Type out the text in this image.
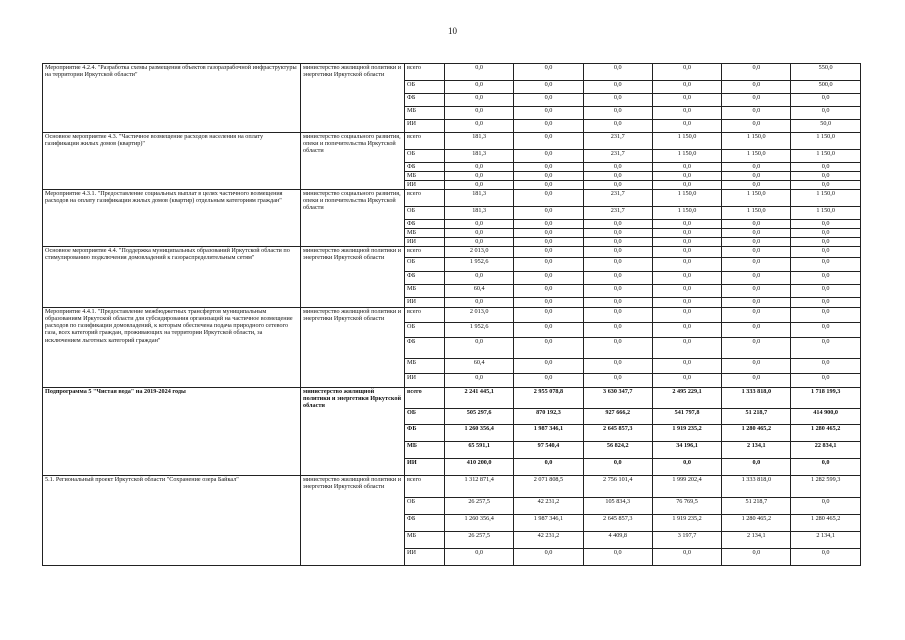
10
Мероприятие 4.2.4. "Разработка схемы размещения объектов газоразрабочной инфраструктуры на территории Иркутской области"	министерство жилищной политики и энергетики Иркутской области	всего	0,0	0,0	0,0	0,0	0,0	550,0
		ОБ	0,0	0,0	0,0	0,0	0,0	500,0
		ФБ	0,0	0,0	0,0	0,0	0,0	0,0
		МБ	0,0	0,0	0,0	0,0	0,0	0,0
		ИИ	0,0	0,0	0,0	0,0	0,0	50,0
Основное мероприятие 4.3. "Частичное возмещение расходов населения на оплату газификации жилых домов (квартир)"	министерство социального развития, опеки и попечительства Иркутской области	всего	181,3	0,0	231,7	1 150,0	1 150,0	1 150,0
		ОБ	181,3	0,0	231,7	1 150,0	1 150,0	1 150,0
		ФБ	0,0	0,0	0,0	0,0	0,0	0,0
		МБ	0,0	0,0	0,0	0,0	0,0	0,0
		ИИ	0,0	0,0	0,0	0,0	0,0	0,0
Мероприятие 4.3.1. "Предоставление социальных выплат в целях частичного возмещения расходов на оплату газификации жилых домов (квартир) отдельным категориям граждан"	министерство социального развития, опеки и попечительства Иркутской области	всего	181,3	0,0	231,7	1 150,0	1 150,0	1 150,0
		ОБ	181,3	0,0	231,7	1 150,0	1 150,0	1 150,0
		ФБ	0,0	0,0	0,0	0,0	0,0	0,0
		МБ	0,0	0,0	0,0	0,0	0,0	0,0
		ИИ	0,0	0,0	0,0	0,0	0,0	0,0
Основное мероприятие 4.4. "Поддержка муниципальных образований Иркутской области по стимулированию подключения домовладений к газораспределительным сетям"	министерство жилищной политики и энергетики Иркутской области	всего	2 013,0	0,0	0,0	0,0	0,0	0,0
		ОБ	1 952,6	0,0	0,0	0,0	0,0	0,0
		ФБ	0,0	0,0	0,0	0,0	0,0	0,0
		МБ	60,4	0,0	0,0	0,0	0,0	0,0
		ИИ	0,0	0,0	0,0	0,0	0,0	0,0
Мероприятие 4.4.1. "Предоставление межбюджетных трансфертов муниципальным образованиям Иркутской области для субсидирования организаций на частичное возмещение расходов по газификации домовладений, к которым обеспечена подача природного сетевого газа, всех категорий граждан, проживающих на территории Иркутской области, за исключением льготных категорий граждан"	министерство жилищной политики и энергетики Иркутской области	всего	2 013,0	0,0	0,0	0,0	0,0	0,0
		ОБ	1 952,6	0,0	0,0	0,0	0,0	0,0
		ФБ	0,0	0,0	0,0	0,0	0,0	0,0
		МБ	60,4	0,0	0,0	0,0	0,0	0,0
		ИИ	0,0	0,0	0,0	0,0	0,0	0,0
Подпрограмма 5 "Чистая вода" на 2019-2024 годы	министерство жилищной политики и энергетики Иркутской области	всего	2 241 445,1	2 955 078,8	3 630 347,7	2 495 229,1	1 333 818,0	1 718 199,3
		ОБ	505 297,6	870 192,3	927 666,2	541 797,8	51 218,7	414 900,0
		ФБ	1 260 356,4	1 987 346,1	2 645 857,3	1 919 235,2	1 280 465,2	1 280 465,2
		МБ	65 591,1	97 540,4	56 824,2	34 196,1	2 134,1	22 834,1
		ИИ	410 200,0	0,0	0,0	0,0	0,0	0,0
5.1. Региональный проект Иркутской области "Сохранение озера Байкал"	министерство жилищной политики и энергетики Иркутской области	всего	1 312 871,4	2 071 808,5	2 756 101,4	1 999 202,4	1 333 818,0	1 282 599,3
		ОБ	26 257,5	42 231,2	105 834,3	76 769,5	51 218,7	0,0
		ФБ	1 260 356,4	1 987 346,1	2 645 857,3	1 919 235,2	1 280 465,2	1 280 465,2
		МБ	26 257,5	42 231,2	4 409,8	3 197,7	2 134,1	2 134,1
		ИИ	0,0	0,0	0,0	0,0	0,0	0,0
